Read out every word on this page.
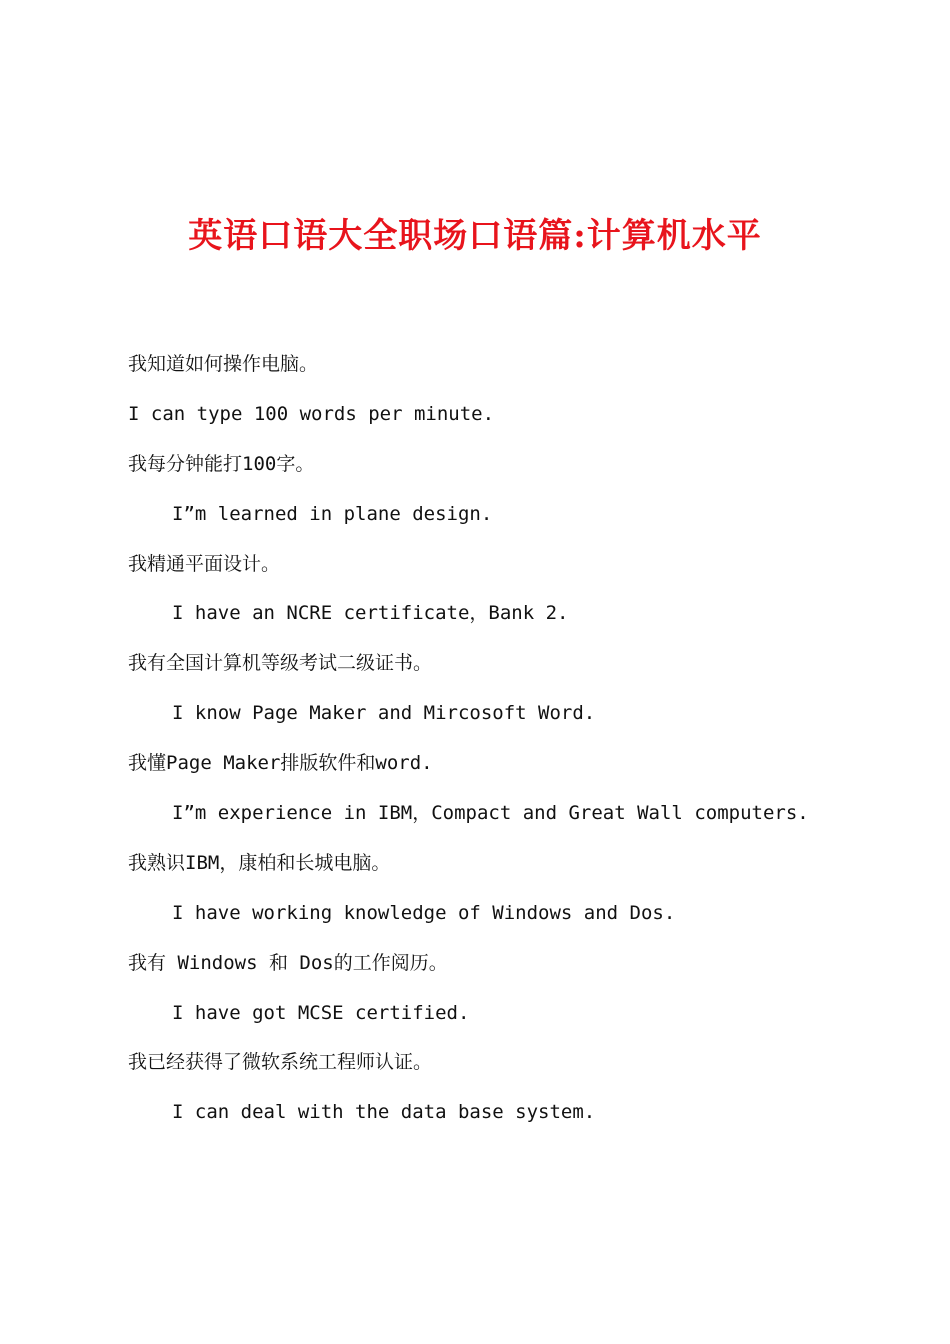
英语口语大全职场口语篇:计算机水平
我知道如何操作电脑。
I can type 100 words per minute.
我每分钟能打100字。
I”m learned in plane design.
我精通平面设计。
I have an NCRE certificate，Bank 2.
我有全国计算机等级考试二级证书。
I know Page Maker and Mircosoft Word.
我懂Page Maker排版软件和word.
I”m experience in IBM，Compact and Great Wall computers.
我熟识IBM，康柏和长城电脑。
I have working knowledge of Windows and Dos.
我有 Windows 和 Dos的工作阅历。
I have got MCSE certified.
我已经获得了微软系统工程师认证。
I can deal with the data base system.
